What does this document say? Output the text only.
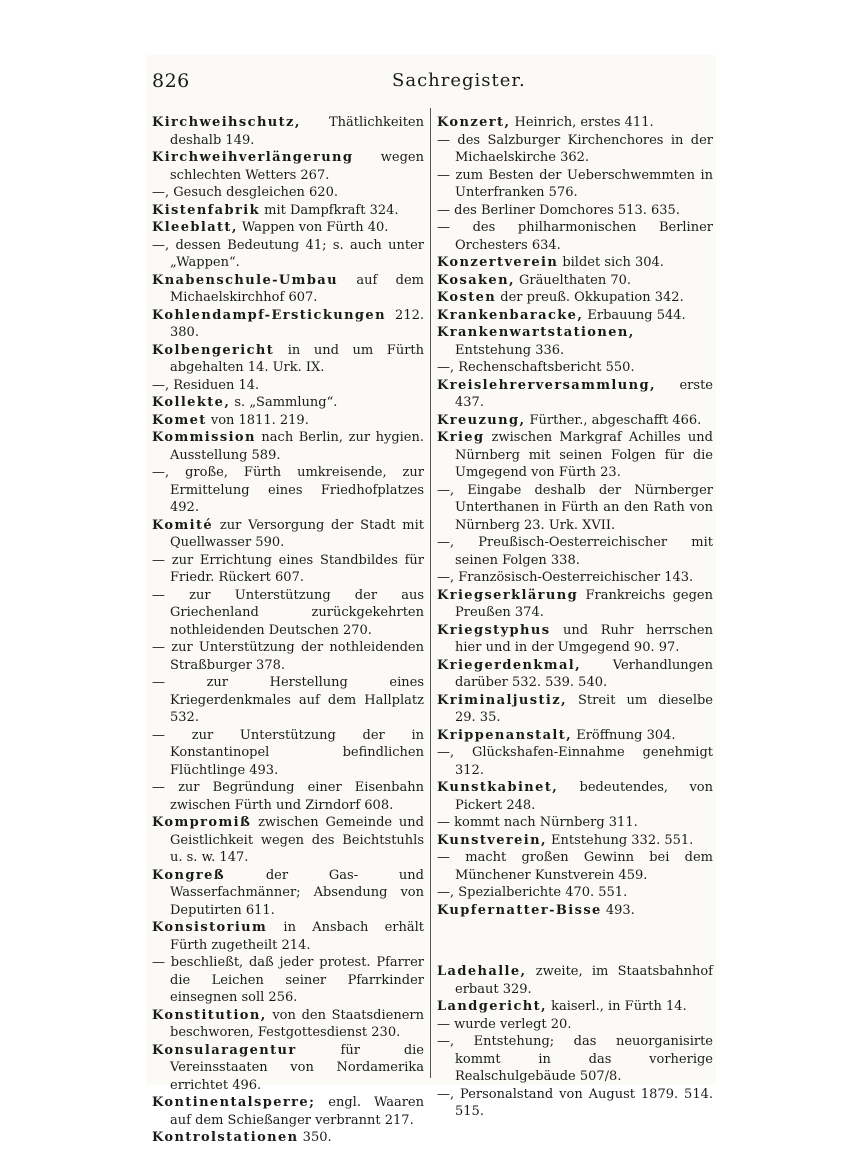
826	Sachregister.

Kirchweihschutz, Thätlichkeiten deshalb 149.

Kirchweihverlängerung wegen schlechten Wetters 267.

—, Gesuch desgleichen 620.

Kistenfabrik mit Dampfkraft 324.

Kleeblatt, Wappen von Fürth 40.

—, dessen Bedeutung 41; s. auch unter „Wappen“.

Knabenschule-Umbau auf dem Michaelskirchhof 607.

Kohlendampf-Erstickungen 212. 380.

Kolbengericht in und um Fürth abgehalten 14. Urk. IX.

—, Residuen 14.

Kollekte, s. „Sammlung“.

Komet von 1811. 219.

Kommission nach Berlin, zur hygien. Ausstellung 589.

—, große, Fürth umkreisende, zur Ermittelung eines Friedhofplatzes 492.

Komité zur Versorgung der Stadt mit Quellwasser 590.

— zur Errichtung eines Standbildes für Friedr. Rückert 607.

— zur Unterstützung der aus Griechenland zurückgekehrten nothleidenden Deutschen 270.

— zur Unterstützung der nothleidenden Straßburger 378.

— zur Herstellung eines Kriegerdenkmales auf dem Hallplatz 532.

— zur Unterstützung der in Konstantinopel befindlichen Flüchtlinge 493.

— zur Begründung einer Eisenbahn zwischen Fürth und Zirndorf 608.

Kompromiß zwischen Gemeinde und Geistlichkeit wegen des Beichtstuhls u. s. w. 147.

Kongreß der Gas- und Wasserfachmänner; Absendung von Deputirten 611.

Konsistorium in Ansbach erhält Fürth zugetheilt 214.

— beschließt, daß jeder protest. Pfarrer die Leichen seiner Pfarrkinder einsegnen soll 256.

Konstitution, von den Staatsdienern beschworen, Festgottesdienst 230.

Konsularagentur für die Vereinsstaaten von Nordamerika errichtet 496.

Kontinentalsperre; engl. Waaren auf dem Schießanger verbrannt 217.

Kontrolstationen 350.

Konzert, Heinrich, erstes 411.

— des Salzburger Kirchenchores in der Michaelskirche 362.

— zum Besten der Ueberschwemmten in Unterfranken 576.

— des Berliner Domchores 513. 635.

— des philharmonischen Berliner Orchesters 634.

Konzertverein bildet sich 304.

Kosaken, Gräuelthaten 70.

Kosten der preuß. Okkupation 342.

Krankenbaracke, Erbauung 544.

Krankenwartstationen, Entstehung 336.

—, Rechenschaftsbericht 550.

Kreislehrerversammlung, erste 437.

Kreuzung, Fürther., abgeschafft 466.

Krieg zwischen Markgraf Achilles und Nürnberg mit seinen Folgen für die Umgegend von Fürth 23.

—, Eingabe deshalb der Nürnberger Unterthanen in Fürth an den Rath von Nürnberg 23. Urk. XVII.

—, Preußisch-Oesterreichischer mit seinen Folgen 338.

—, Französisch-Oesterreichischer 143.

Kriegserklärung Frankreichs gegen Preußen 374.

Kriegstyphus und Ruhr herrschen hier und in der Umgegend 90. 97.

Kriegerdenkmal, Verhandlungen darüber 532. 539. 540.

Kriminaljustiz, Streit um dieselbe 29. 35.

Krippenanstalt, Eröffnung 304.

—, Glückshafen-Einnahme genehmigt 312.

Kunstkabinet, bedeutendes, von Pickert 248.

— kommt nach Nürnberg 311.

Kunstverein, Entstehung 332. 551.

— macht großen Gewinn bei dem Münchener Kunstverein 459.

—, Spezialberichte 470. 551.

Kupfernatter-Bisse 493.

Ladehalle, zweite, im Staatsbahnhof erbaut 329.

Landgericht, kaiserl., in Fürth 14.

— wurde verlegt 20.

—, Entstehung; das neuorganisirte kommt in das vorherige Realschulgebäude 507/8.

—, Personalstand von August 1879. 514. 515.
